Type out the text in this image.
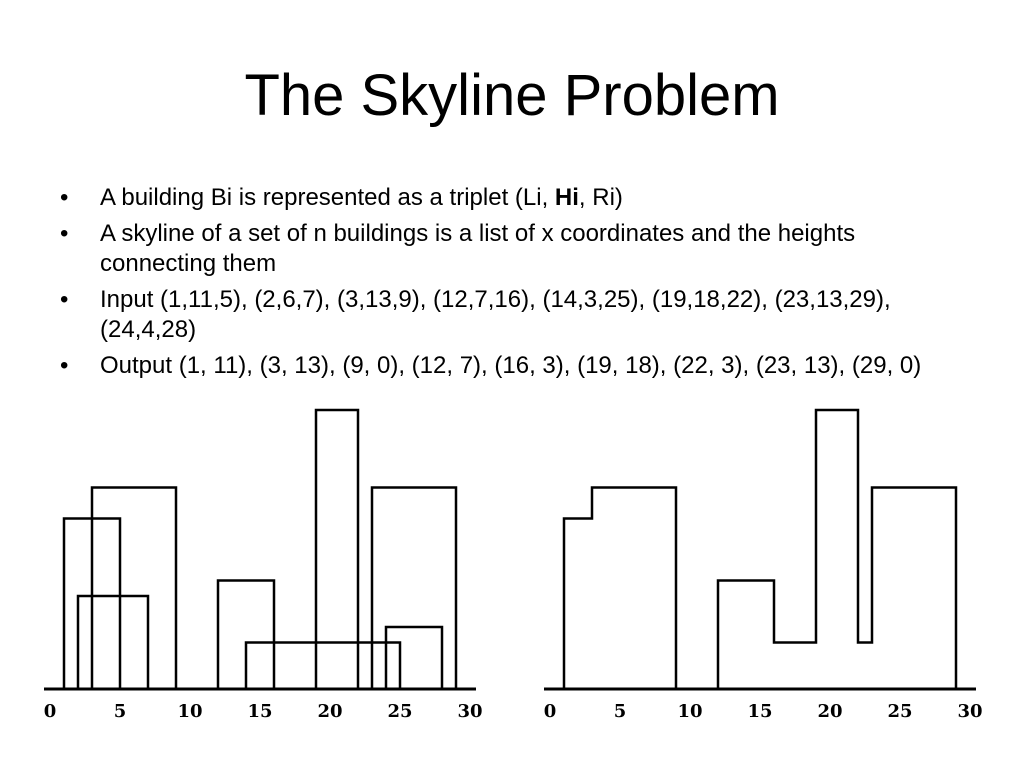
The Skyline Problem
• A building Bi is represented as a triplet (Li, Hi, Ri)
• A skyline of a set of n buildings is a list of x coordinates and the heights connecting them
• Input (1,11,5), (2,6,7), (3,13,9), (12,7,16), (14,3,25), (19,18,22), (23,13,29), (24,4,28)
• Output (1, 11), (3, 13), (9, 0), (12, 7), (16, 3), (19, 18), (22, 3), (23, 13), (29, 0)
0	5	10 15 20 25 30	0	5	10 15 20 25 30
